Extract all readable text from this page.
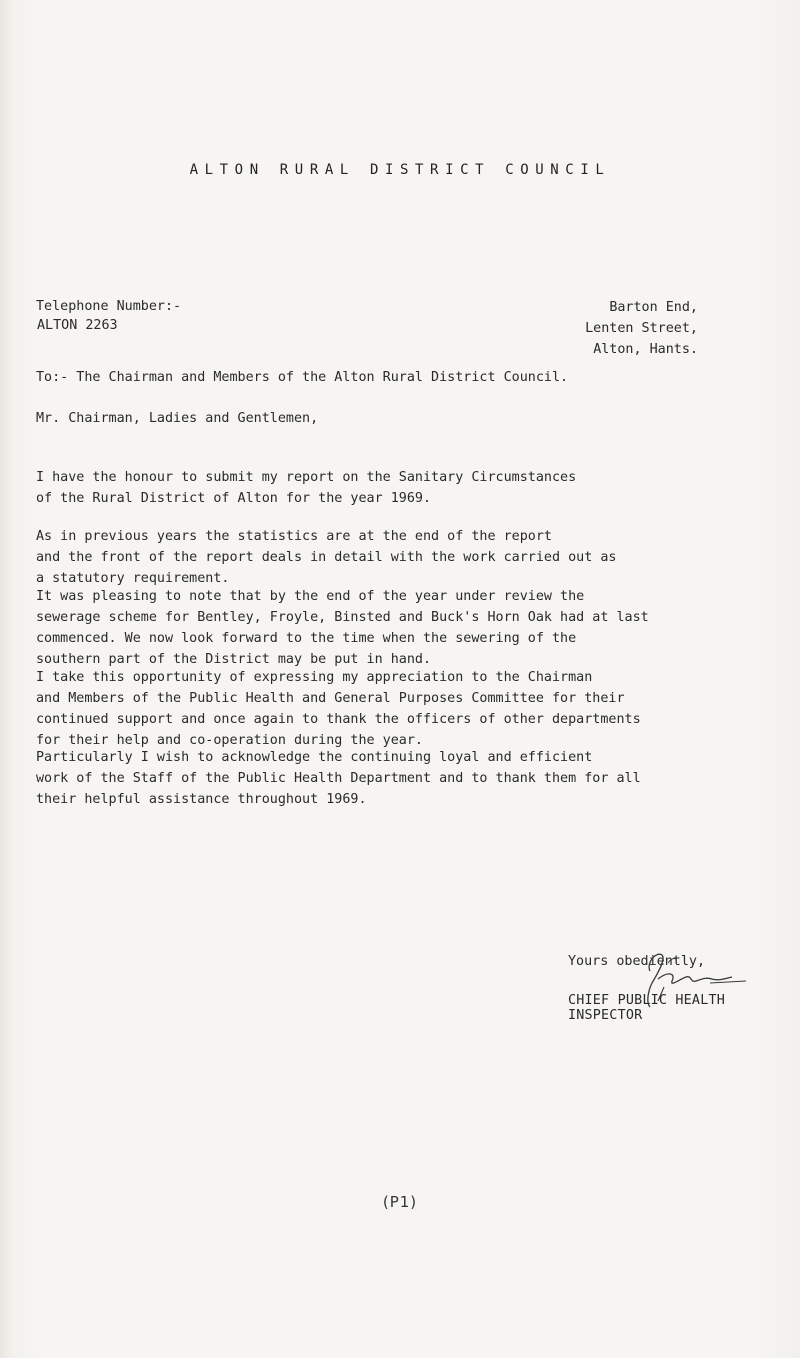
ALTON RURAL DISTRICT COUNCIL
Telephone Number:-
ALTON 2263
Barton End,
Lenten Street,
Alton, Hants.
To:- The Chairman and Members of the Alton Rural District Council.
Mr. Chairman, Ladies and Gentlemen,
I have the honour to submit my report on the Sanitary Circumstances
of the Rural District of Alton for the year 1969.
As in previous years the statistics are at the end of the report
and the front of the report deals in detail with the work carried out as
a statutory requirement.
It was pleasing to note that by the end of the year under review the
sewerage scheme for Bentley, Froyle, Binsted and Buck's Horn Oak had at last
commenced. We now look forward to the time when the sewering of the
southern part of the District may be put in hand.
I take this opportunity of expressing my appreciation to the Chairman
and Members of the Public Health and General Purposes Committee for their
continued support and once again to thank the officers of other departments
for their help and co-operation during the year.
Particularly I wish to acknowledge the continuing loyal and efficient
work of the Staff of the Public Health Department and to thank them for all
their helpful assistance throughout 1969.
Yours obediently,
CHIEF PUBLIC HEALTH INSPECTOR
(P1)
